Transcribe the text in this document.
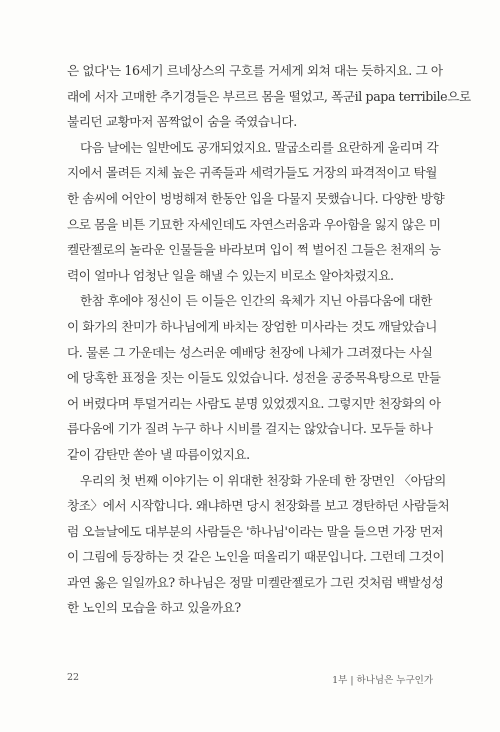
은 없다'는 16세기 르네상스의 구호를 거세게 외쳐 대는 듯하지요. 그 아
래에 서자 고매한 추기경들은 부르르 몸을 떨었고, 폭군il papa terribile으로
불리던 교황마저 꼼짝없이 숨을 죽였습니다.
다음 날에는 일반에도 공개되었지요. 말굽소리를 요란하게 울리며 각
지에서 몰려든 지체 높은 귀족들과 세력가들도 거장의 파격적이고 탁월
한 솜씨에 어안이 벙벙해져 한동안 입을 다물지 못했습니다. 다양한 방향
으로 몸을 비튼 기묘한 자세인데도 자연스러움과 우아함을 잃지 않은 미
켈란젤로의 놀라운 인물들을 바라보며 입이 쩍 벌어진 그들은 천재의 능
력이 얼마나 엄청난 일을 해낼 수 있는지 비로소 알아차렸지요.
한참 후에야 정신이 든 이들은 인간의 육체가 지닌 아름다움에 대한
이 화가의 찬미가 하나님에게 바치는 장엄한 미사라는 것도 깨달았습니
다. 물론 그 가운데는 성스러운 예배당 천장에 나체가 그려졌다는 사실
에 당혹한 표정을 짓는 이들도 있었습니다. 성전을 공중목욕탕으로 만들
어 버렸다며 투덜거리는 사람도 분명 있었겠지요. 그렇지만 천장화의 아
름다움에 기가 질려 누구 하나 시비를 걸지는 않았습니다. 모두들 하나
같이 감탄만 쏟아 낼 따름이었지요.
우리의 첫 번째 이야기는 이 위대한 천장화 가운데 한 장면인 〈아담의
창조〉에서 시작합니다. 왜냐하면 당시 천장화를 보고 경탄하던 사람들처
럼 오늘날에도 대부분의 사람들은 '하나님'이라는 말을 들으면 가장 먼저
이 그림에 등장하는 것 같은 노인을 떠올리기 때문입니다. 그런데 그것이
과연 옳은 일일까요? 하나님은 정말 미켈란젤로가 그린 것처럼 백발성성
한 노인의 모습을 하고 있을까요?
22	1부 | 하나님은 누구인가
